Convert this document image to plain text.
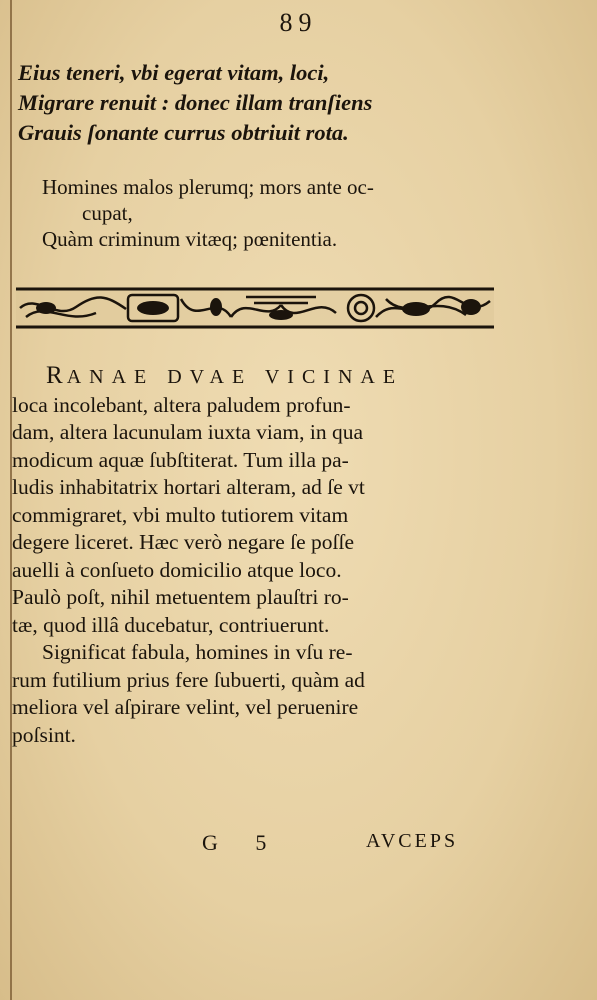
89
Eius teneri, vbi egerat vitam, loci,
Migrare renuit : donec illam tranſiens
Grauis ſonante currus obtriuit rota.
Homines malos plerumq; mors ante oc-
cupat,
Quàm criminum vitæq; pœnitentia.
RANAE DVAE VICINAE
loca incolebant, altera paludem profun-
dam, altera lacunulam iuxta viam, in qua
modicum aquæ ſubſtiterat. Tum illa pa-
ludis inhabitatrix hortari alteram, ad ſe vt
commigraret, vbi multo tutiorem vitam
degere liceret. Hæc verò negare ſe poſſe
auelli à conſueto domicilio atque loco.
Paulò poſt, nihil metuentem plauſtri ro-
tæ, quod illâ ducebatur, contriuerunt.
Significat fabula, homines in vſu re-
rum futilium prius fere ſubuerti, quàm ad
meliora vel aſpirare velint, vel peruenire
poſsint.
G 5	AVCEPS
